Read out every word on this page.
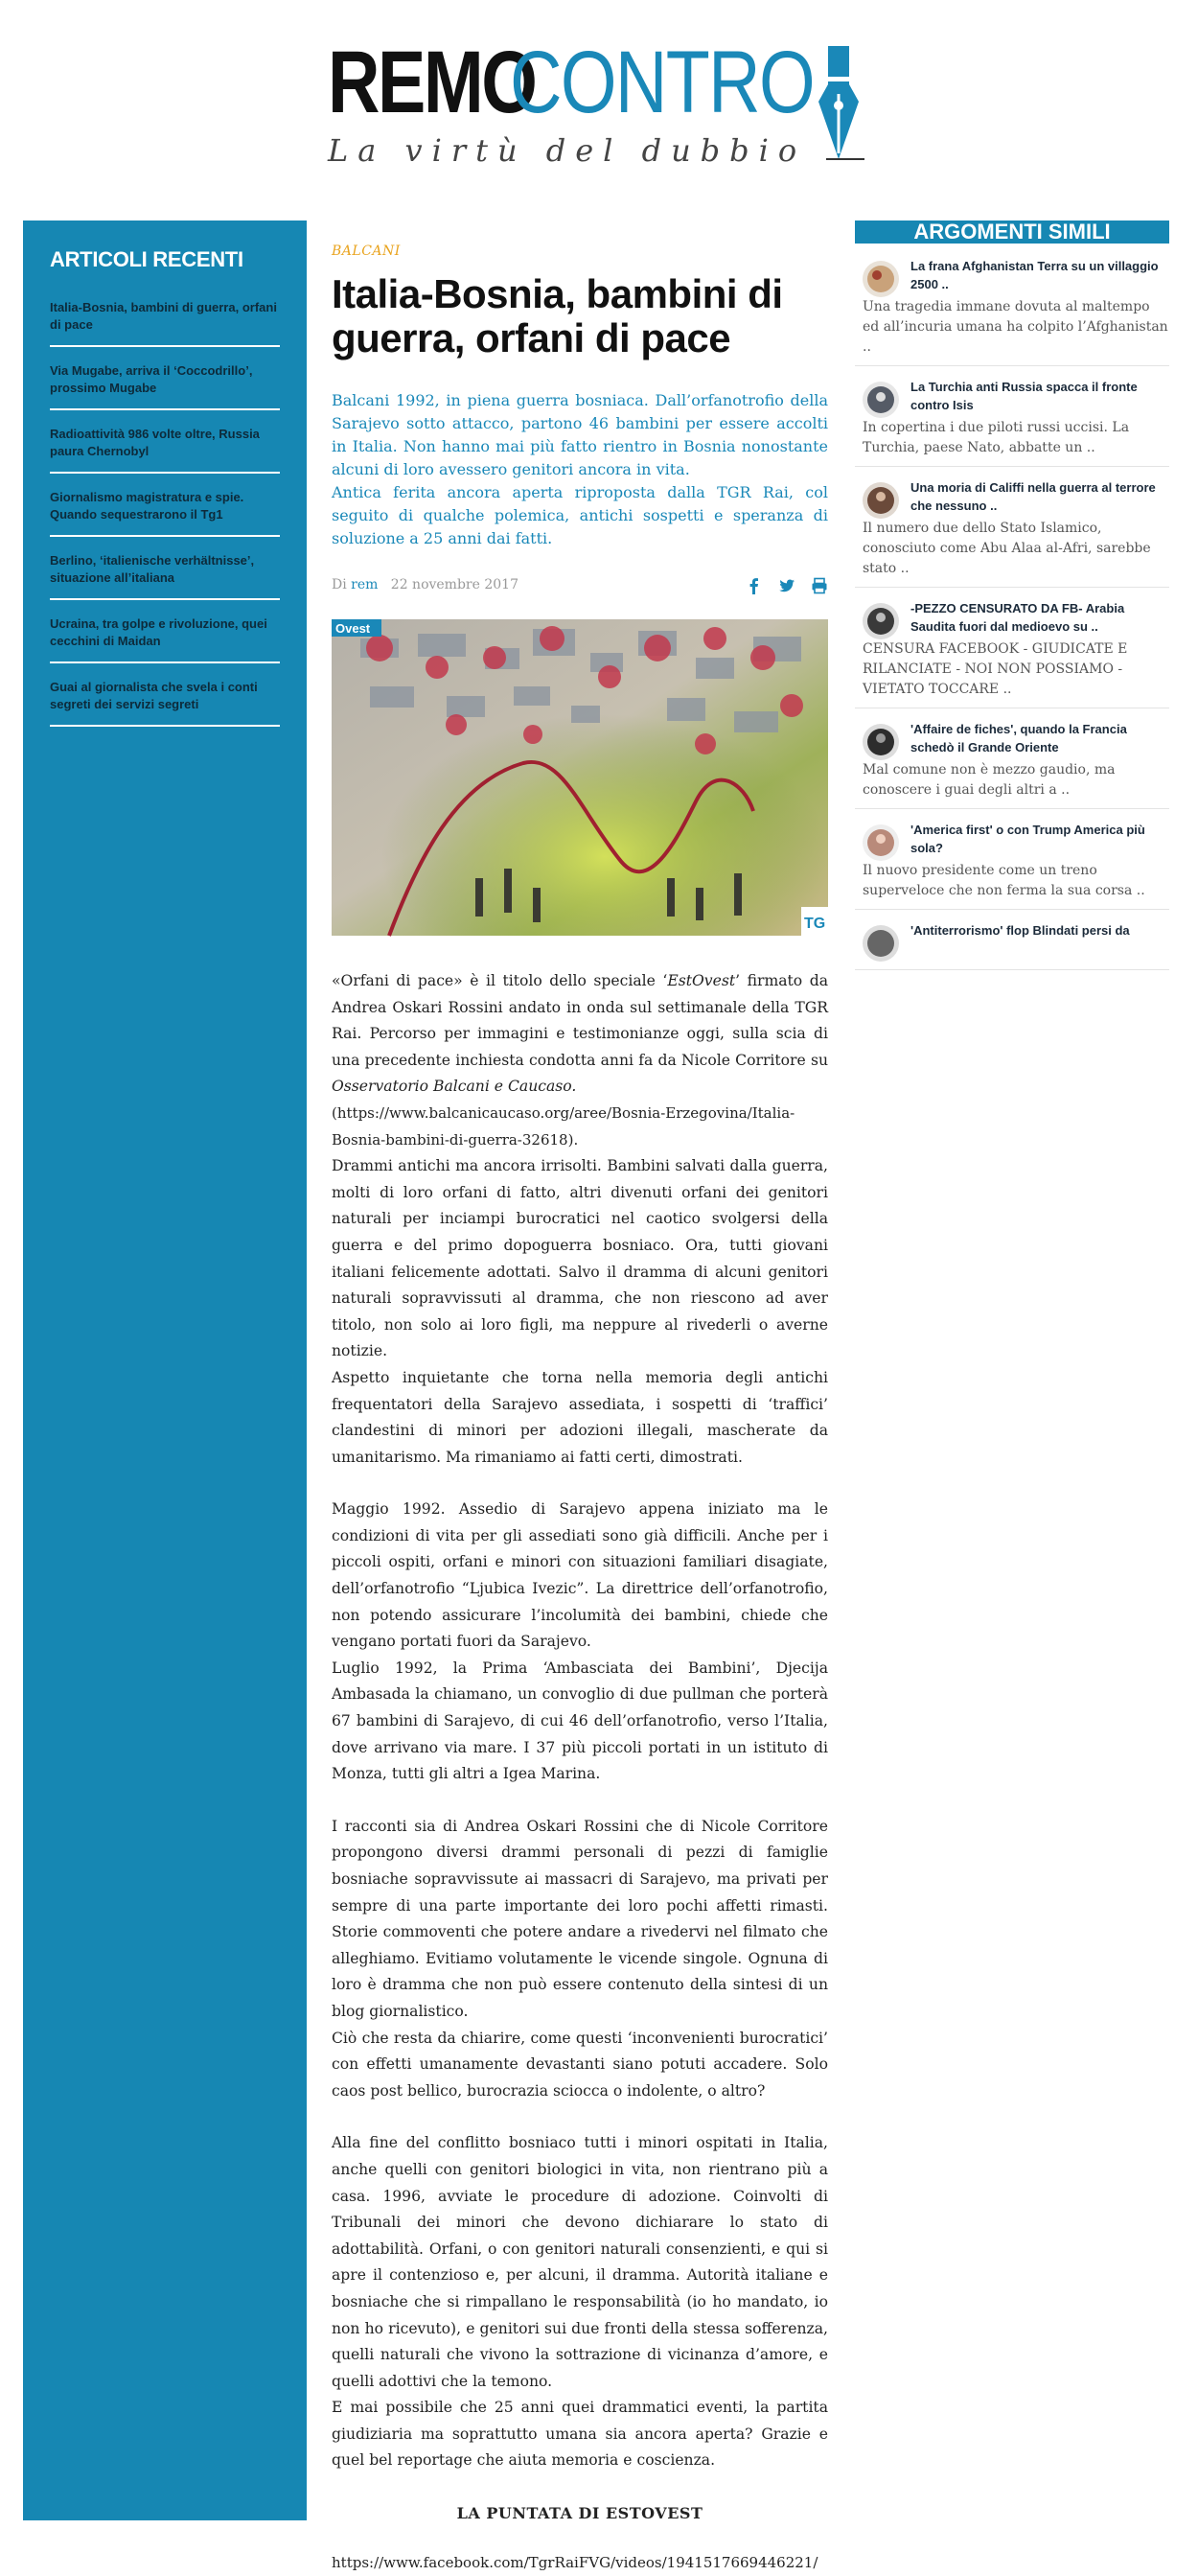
REMO
CONTRO
La virtù del dubbio
ARTICOLI RECENTI
Italia-Bosnia, bambini di guerra, orfani di pace
Via Mugabe, arriva il ‘Coccodrillo’, prossimo Mugabe
Radioattività 986 volte oltre, Russia paura Chernobyl
Giornalismo magistratura e spie. Quando sequestrarono il Tg1
Berlino, ‘italienische verhältnisse’, situazione all’italiana
Ucraina, tra golpe e rivoluzione, quei cecchini di Maidan
Guai al giornalista che svela i conti segreti dei servizi segreti
BALCANI
Italia-Bosnia, bambini di guerra, orfani di pace

Balcani 1992, in piena guerra bosniaca. Dall’orfanotrofio della Sarajevo sotto attacco, partono 46 bambini per essere accolti in Italia. Non hanno mai più fatto rientro in Bosnia nonostante alcuni di loro avessero genitori ancora in vita.

Antica ferita ancora aperta riproposta dalla TGR Rai, col seguito di qualche polemica, antichi sospetti e speranza di soluzione a 25 anni dai fatti.

Di rem 22 novembre 2017
Ovest
TG

«Orfani di pace» è il titolo dello speciale ‘EstOvest’ firmato da Andrea Oskari Rossini andato in onda sul settimanale della TGR Rai. Percorso per immagini e testimonianze oggi, sulla scia di una precedente inchiesta condotta anni fa da Nicole Corritore su Osservatorio Balcani e Caucaso.

(https://www.balcanicaucaso.org/aree/Bosnia-Erzegovina/Italia-Bosnia-bambini-di-guerra-32618).

Drammi antichi ma ancora irrisolti. Bambini salvati dalla guerra, molti di loro orfani di fatto, altri divenuti orfani dei genitori naturali per inciampi burocratici nel caotico svolgersi della guerra e del primo dopoguerra bosniaco. Ora, tutti giovani italiani felicemente adottati. Salvo il dramma di alcuni genitori naturali sopravvissuti al dramma, che non riescono ad aver titolo, non solo ai loro figli, ma neppure al rivederli o averne notizie.

Aspetto inquietante che torna nella memoria degli antichi frequentatori della Sarajevo assediata, i sospetti di ‘traffici’ clandestini di minori per adozioni illegali, mascherate da umanitarismo. Ma rimaniamo ai fatti certi, dimostrati.

Maggio 1992. Assedio di Sarajevo appena iniziato ma le condizioni di vita per gli assediati sono già difficili. Anche per i piccoli ospiti, orfani e minori con situazioni familiari disagiate, dell’orfanotrofio “Ljubica Ivezic”. La direttrice dell’orfanotrofio, non potendo assicurare l’incolumità dei bambini, chiede che vengano portati fuori da Sarajevo.

Luglio 1992, la Prima ‘Ambasciata dei Bambini’, Djecija Ambasada la chiamano, un convoglio di due pullman che porterà 67 bambini di Sarajevo, di cui 46 dell’orfanotrofio, verso l’Italia, dove arrivano via mare. I 37 più piccoli portati in un istituto di Monza, tutti gli altri a Igea Marina.

I racconti sia di Andrea Oskari Rossini che di Nicole Corritore propongono diversi drammi personali di pezzi di famiglie bosniache sopravvissute ai massacri di Sarajevo, ma privati per sempre di una parte importante dei loro pochi affetti rimasti. Storie commoventi che potere andare a rivedervi nel filmato che alleghiamo. Evitiamo volutamente le vicende singole. Ognuna di loro è dramma che non può essere contenuto della sintesi di un blog giornalistico.

Ciò che resta da chiarire, come questi ‘inconvenienti burocratici’ con effetti umanamente devastanti siano potuti accadere. Solo caos post bellico, burocrazia sciocca o indolente, o altro?

Alla fine del conflitto bosniaco tutti i minori ospitati in Italia, anche quelli con genitori biologici in vita, non rientrano più a casa. 1996, avviate le procedure di adozione. Coinvolti di Tribunali dei minori che devono dichiarare lo stato di adottabilità. Orfani, o con genitori naturali consenzienti, e qui si apre il contenzioso e, per alcuni, il dramma. Autorità italiane e bosniache che si rimpallano le responsabilità (io ho mandato, io non ho ricevuto), e genitori sui due fronti della stessa sofferenza, quelli naturali che vivono la sottrazione di vicinanza d’amore, e quelli adottivi che la temono.

E mai possibile che 25 anni quei drammatici eventi, la partita giudiziaria ma soprattutto umana sia ancora aperta? Grazie e quel bel reportage che aiuta memoria e coscienza.

LA PUNTATA DI ESTOVEST

https://www.facebook.com/TgrRaiFVG/videos/1941517669446221/

ARGOMENTI SIMILI
La frana Afghanistan Terra su un villaggio 2500 ..
Una tragedia immane dovuta al maltempo ed all’incuria umana ha colpito l’Afghanistan ..
La Turchia anti Russia spacca il fronte contro Isis
In copertina i due piloti russi uccisi. La Turchia, paese Nato, abbatte un ..
Una moria di Califfi nella guerra al terrore che nessuno ..
Il numero due dello Stato Islamico, conosciuto come Abu Alaa al-Afri, sarebbe stato ..
-PEZZO CENSURATO DA FB- Arabia Saudita fuori dal medioevo su ..
CENSURA FACEBOOK - GIUDICATE E RILANCIATE - NOI NON POSSIAMO - VIETATO TOCCARE ..
'Affaire de fiches', quando la Francia schedò il Grande Oriente
Mal comune non è mezzo gaudio, ma conoscere i guai degli altri a ..
'America first' o con Trump America più sola?
Il nuovo presidente come un treno superveloce che non ferma la sua corsa ..
'Antiterrorismo' flop Blindati persi da
